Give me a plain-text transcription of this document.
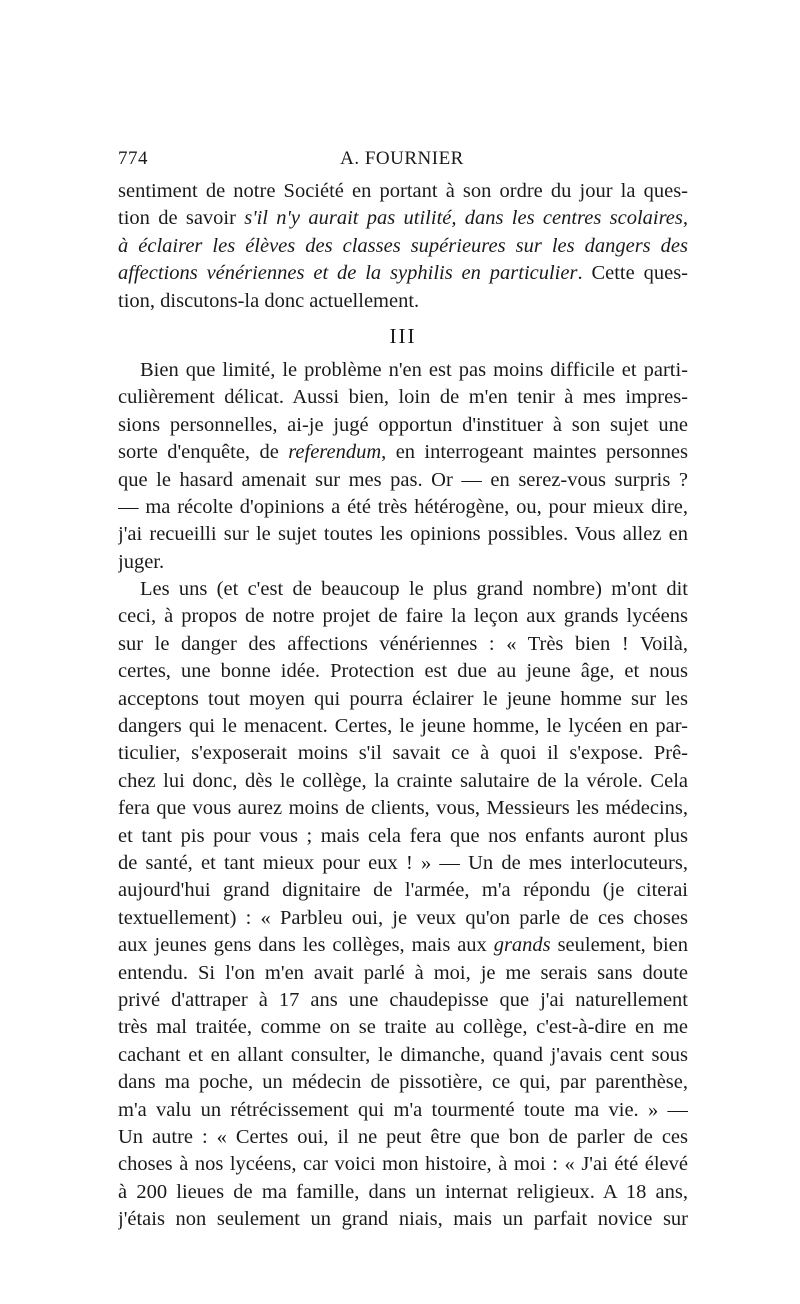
774	A. FOURNIER
sentiment de notre Société en portant à son ordre du jour la ques-
tion de savoir s'il n'y aurait pas utilité, dans les centres scolaires,
à éclairer les élèves des classes supérieures sur les dangers des
affections vénériennes et de la syphilis en particulier. Cette ques-
tion, discutons-la donc actuellement.
III
Bien que limité, le problème n'en est pas moins difficile et parti-
culièrement délicat. Aussi bien, loin de m'en tenir à mes impres-
sions personnelles, ai-je jugé opportun d'instituer à son sujet une
sorte d'enquête, de referendum, en interrogeant maintes personnes
que le hasard amenait sur mes pas. Or — en serez-vous surpris ?
— ma récolte d'opinions a été très hétérogène, ou, pour mieux dire,
j'ai recueilli sur le sujet toutes les opinions possibles. Vous allez en
juger.
Les uns (et c'est de beaucoup le plus grand nombre) m'ont dit
ceci, à propos de notre projet de faire la leçon aux grands lycéens
sur le danger des affections vénériennes : « Très bien ! Voilà,
certes, une bonne idée. Protection est due au jeune âge, et nous
acceptons tout moyen qui pourra éclairer le jeune homme sur les
dangers qui le menacent. Certes, le jeune homme, le lycéen en par-
ticulier, s'exposerait moins s'il savait ce à quoi il s'expose. Prê-
chez lui donc, dès le collège, la crainte salutaire de la vérole. Cela
fera que vous aurez moins de clients, vous, Messieurs les médecins,
et tant pis pour vous ; mais cela fera que nos enfants auront plus
de santé, et tant mieux pour eux ! » — Un de mes interlocuteurs,
aujourd'hui grand dignitaire de l'armée, m'a répondu (je citerai
textuellement) : « Parbleu oui, je veux qu'on parle de ces choses
aux jeunes gens dans les collèges, mais aux grands seulement, bien
entendu. Si l'on m'en avait parlé à moi, je me serais sans doute
privé d'attraper à 17 ans une chaudepisse que j'ai naturellement
très mal traitée, comme on se traite au collège, c'est-à-dire en me
cachant et en allant consulter, le dimanche, quand j'avais cent sous
dans ma poche, un médecin de pissotière, ce qui, par parenthèse,
m'a valu un rétrécissement qui m'a tourmenté toute ma vie. » —
Un autre : « Certes oui, il ne peut être que bon de parler de ces
choses à nos lycéens, car voici mon histoire, à moi : « J'ai été élevé
à 200 lieues de ma famille, dans un internat religieux. A 18 ans,
j'étais non seulement un grand niais, mais un parfait novice sur
